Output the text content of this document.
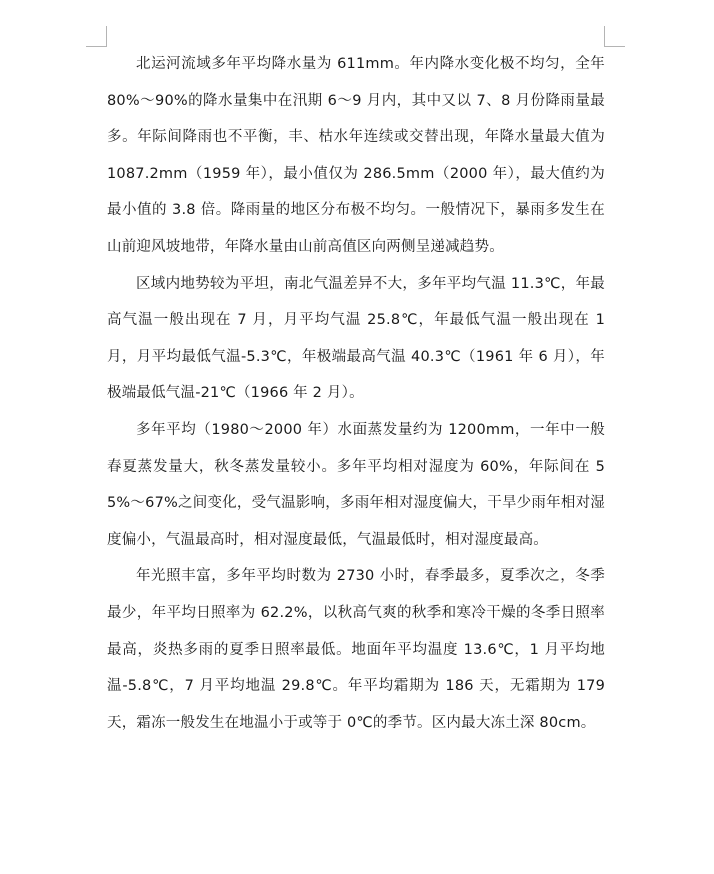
北运河流域多年平均降水量为 611mm。年内降水变化极不均匀，全年 80%～90%的降水量集中在汛期 6～9 月内，其中又以 7、8 月份降雨量最多。年际间降雨也不平衡，丰、枯水年连续或交替出现，年降水量最大值为 1087.2mm（1959 年），最小值仅为 286.5mm（2000 年），最大值约为最小值的 3.8 倍。降雨量的地区分布极不均匀。一般情况下，暴雨多发生在山前迎风坡地带，年降水量由山前高值区向两侧呈递减趋势。

区域内地势较为平坦，南北气温差异不大，多年平均气温 11.3℃，年最高气温一般出现在 7 月，月平均气温 25.8℃，年最低气温一般出现在 1 月，月平均最低气温-5.3℃，年极端最高气温 40.3℃（1961 年 6 月），年极端最低气温-21℃（1966 年 2 月）。

多年平均（1980～2000 年）水面蒸发量约为 1200mm，一年中一般春夏蒸发量大，秋冬蒸发量较小。多年平均相对湿度为 60%，年际间在 55%～67%之间变化，受气温影响，多雨年相对湿度偏大，干旱少雨年相对湿度偏小，气温最高时，相对湿度最低，气温最低时，相对湿度最高。

年光照丰富，多年平均时数为 2730 小时，春季最多，夏季次之，冬季最少，年平均日照率为 62.2%，以秋高气爽的秋季和寒冷干燥的冬季日照率最高，炎热多雨的夏季日照率最低。地面年平均温度 13.6℃，1 月平均地温-5.8℃，7 月平均地温 29.8℃。年平均霜期为 186 天，无霜期为 179 天，霜冻一般发生在地温小于或等于 0℃的季节。区内最大冻土深 80cm。
